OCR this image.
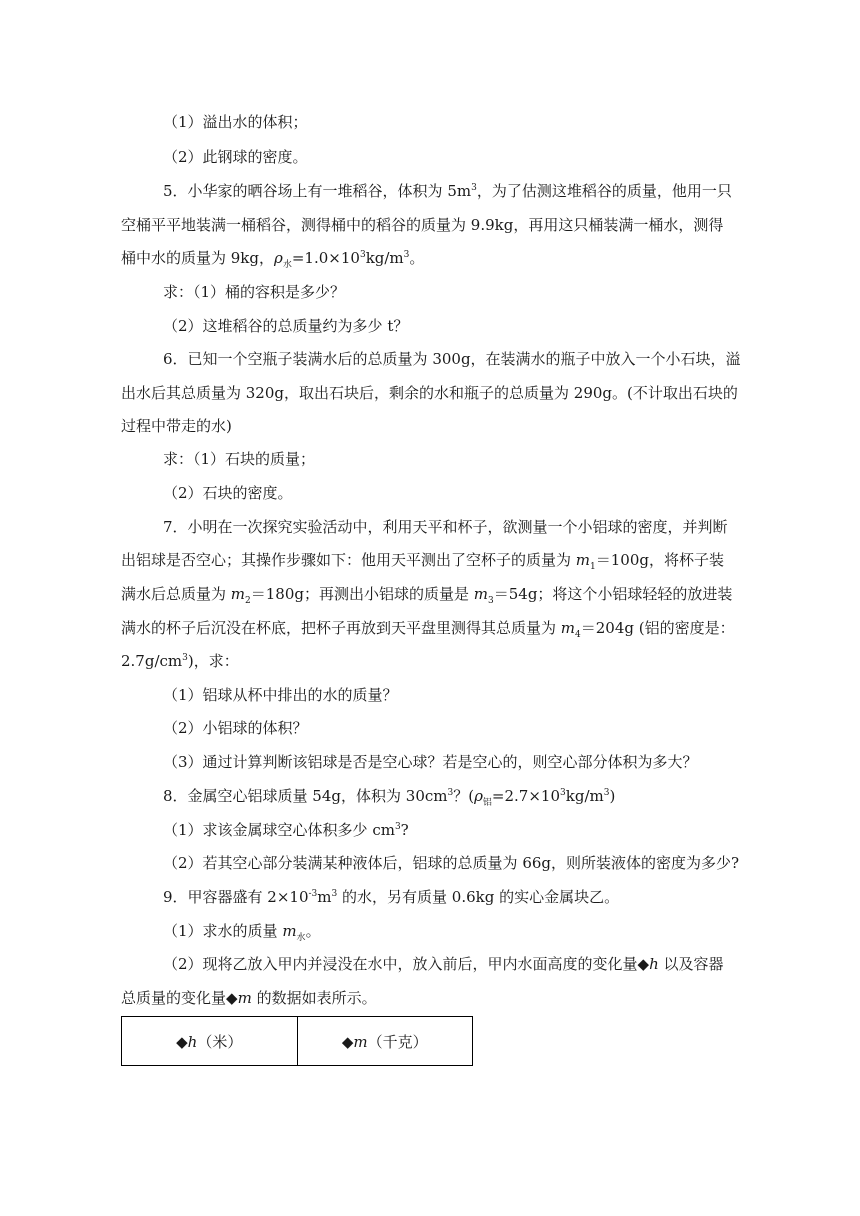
（1）溢出水的体积；
（2）此钢球的密度。
5．小华家的晒谷场上有一堆稻谷，体积为 $5m^3$，为了估测这堆稻谷的质量，他用一只
空桶平平地装满一桶稻谷，测得桶中的稻谷的质量为 9.9kg，再用这只桶装满一桶水，测得
桶中水的质量为 9kg，$\rho_水=1.0\times 10^3kg/m^3$。
求：（1）桶的容积是多少？
（2）这堆稻谷的总质量约为多少 t？
6．已知一个空瓶子装满水后的总质量为 300g，在装满水的瓶子中放入一个小石块，溢
出水后其总质量为 320g，取出石块后，剩余的水和瓶子的总质量为 290g。(不计取出石块的
过程中带走的水)
求：（1）石块的质量；
（2）石块的密度。
7．小明在一次探究实验活动中，利用天平和杯子，欲测量一个小铝球的密度，并判断
出铝球是否空心；其操作步骤如下：他用天平测出了空杯子的质量为 $m_1=100g$，将杯子装
满水后总质量为 $m_2=180g$；再测出小铝球的质量是 $m_3=54g$；将这个小铝球轻轻的放进装
满水的杯子后沉没在杯底，把杯子再放到天平盘里测得其总质量为 $m_4=204g$ (铝的密度是：
$2.7g/cm^3$)，求：
（1）铝球从杯中排出的水的质量？
（2）小铝球的体积？
（3）通过计算判断该铝球是否是空心球？若是空心的，则空心部分体积为多大？
8．金属空心铝球质量 54g，体积为 $30cm^3$？$(\rho_铝=2.7\times 10^3kg/m^3)$
（1）求该金属球空心体积多少 $cm^3$?
（2）若其空心部分装满某种液体后，铝球的总质量为 66g，则所装液体的密度为多少?
9．甲容器盛有 $2\times 10^{-3}m^3$ 的水，另有质量 0.6kg 的实心金属块乙。
（1）求水的质量 $m_水$。
（2）现将乙放入甲内并浸没在水中，放入前后，甲内水面高度的变化量◆h 以及容器
总质量的变化量◆m 的数据如表所示。
◆h（米）	◆m（千克）
